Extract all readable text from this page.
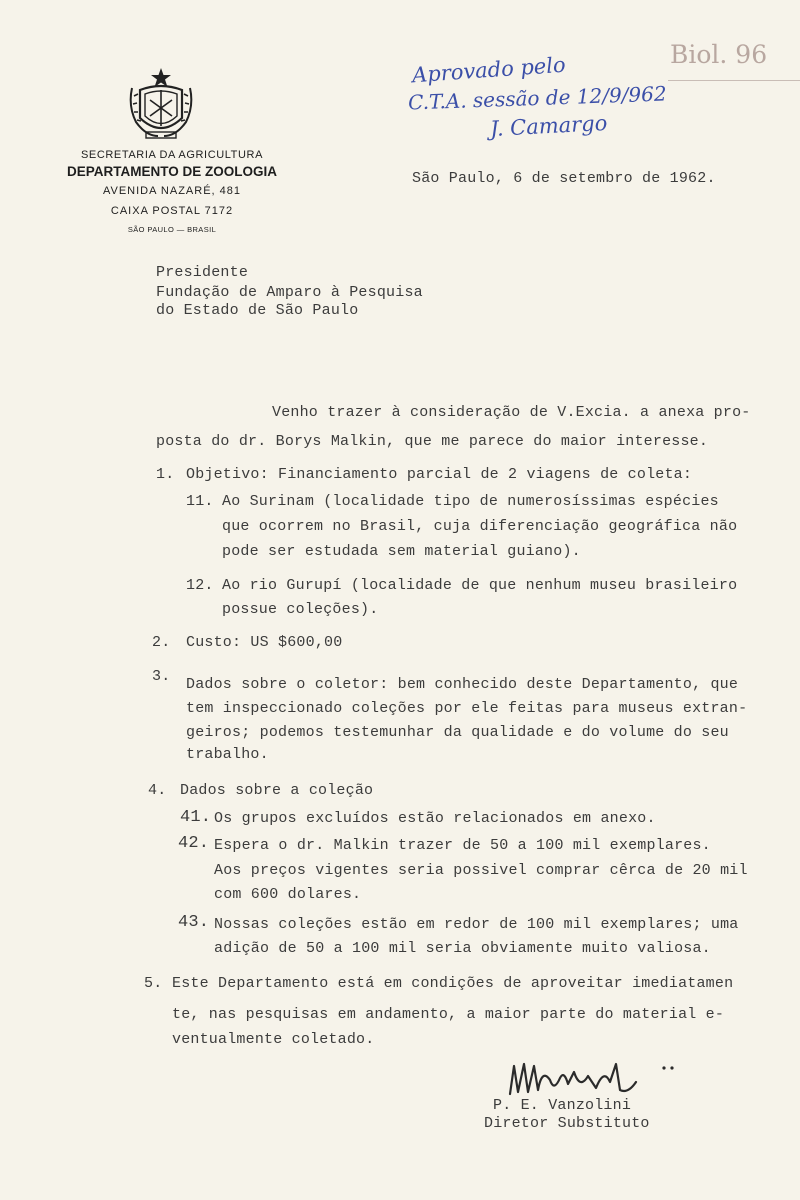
SECRETARIA DA AGRICULTURA
DEPARTAMENTO DE ZOOLOGIA
AVENIDA NAZARÉ, 481
CAIXA POSTAL 7172
SÃO PAULO — BRASIL
Aprovado pelo
C.T.A. sessão de 12/9/962
J. Camargo
Biol. 96
São Paulo, 6 de setembro de 1962.
Presidente
Fundação de Amparo à Pesquisa
do Estado de São Paulo
Venho trazer à consideração de V.Excia. a anexa pro-
posta do dr. Borys Malkin, que me parece do maior interesse.
1. Objetivo: Financiamento parcial de 2 viagens de coleta:
11. Ao Surinam (localidade tipo de numerosíssimas espécies
que ocorrem no Brasil, cuja diferenciação geográfica não
pode ser estudada sem material guiano).
12. Ao rio Gurupí (localidade de que nenhum museu brasileiro
possue coleções).
2. Custo: US $600,00
3. Dados sobre o coletor: bem conhecido deste Departamento, que
tem inspeccionado coleções por ele feitas para museus extran-
geiros; podemos testemunhar da qualidade e do volume do seu
trabalho.
4. Dados sobre a coleção
41. Os grupos excluídos estão relacionados em anexo.
42. Espera o dr. Malkin trazer de 50 a 100 mil exemplares.
Aos preços vigentes seria possivel comprar cêrca de 20 mil
com 600 dolares.
43. Nossas coleções estão em redor de 100 mil exemplares; uma
adição de 50 a 100 mil seria obviamente muito valiosa.
5. Este Departamento está em condições de aproveitar imediatamen
te, nas pesquisas em andamento, a maior parte do material e-
ventualmente coletado.
P. E. Vanzolini
Diretor Substituto
